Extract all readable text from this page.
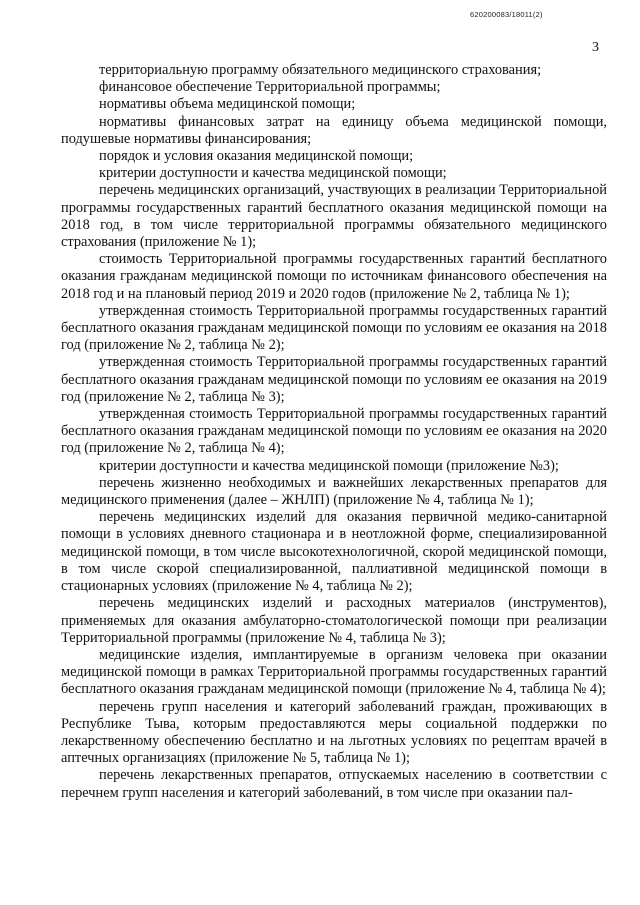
620200083/18011(2)
3

территориальную программу обязательного медицинского страхования;

финансовое обеспечение Территориальной программы;

нормативы объема медицинской помощи;

нормативы финансовых затрат на единицу объема медицинской помощи, подушевые нормативы финансирования;

порядок и условия оказания медицинской помощи;

критерии доступности и качества медицинской помощи;

перечень медицинских организаций, участвующих в реализации Территориальной программы государственных гарантий бесплатного оказания медицинской помощи на 2018 год, в том числе территориальной программы обязательного медицинского страхования (приложение № 1);

стоимость Территориальной программы государственных гарантий бесплатного оказания гражданам медицинской помощи по источникам финансового обеспечения на 2018 год и на плановый период 2019 и 2020 годов (приложение № 2, таблица № 1);

утвержденная стоимость Территориальной программы государственных гарантий бесплатного оказания гражданам медицинской помощи по условиям ее оказания на 2018 год (приложение № 2, таблица № 2);

утвержденная стоимость Территориальной программы государственных гарантий бесплатного оказания гражданам медицинской помощи по условиям ее оказания на 2019 год (приложение № 2, таблица № 3);

утвержденная стоимость Территориальной программы государственных гарантий бесплатного оказания гражданам медицинской помощи по условиям ее оказания на 2020 год (приложение № 2, таблица № 4);

критерии доступности и качества медицинской помощи (приложение №3);

перечень жизненно необходимых и важнейших лекарственных препаратов для медицинского применения (далее – ЖНЛП) (приложение № 4, таблица № 1);

перечень медицинских изделий для оказания первичной медико-санитарной помощи в условиях дневного стационара и в неотложной форме, специализированной медицинской помощи, в том числе высокотехнологичной, скорой медицинской помощи, в том числе скорой специализированной, паллиативной медицинской помощи в стационарных условиях (приложение № 4, таблица № 2);

перечень медицинских изделий и расходных материалов (инструментов), применяемых для оказания амбулаторно-стоматологической помощи при реализации Территориальной программы (приложение № 4, таблица № 3);

медицинские изделия, имплантируемые в организм человека при оказании медицинской помощи в рамках Территориальной программы государственных гарантий бесплатного оказания гражданам медицинской помощи (приложение № 4, таблица № 4);

перечень групп населения и категорий заболеваний граждан, проживающих в Республике Тыва, которым предоставляются меры социальной поддержки по лекарственному обеспечению бесплатно и на льготных условиях по рецептам врачей в аптечных организациях (приложение № 5, таблица № 1);

перечень лекарственных препаратов, отпускаемых населению в соответствии с перечнем групп населения и категорий заболеваний, в том числе при оказании пал-
